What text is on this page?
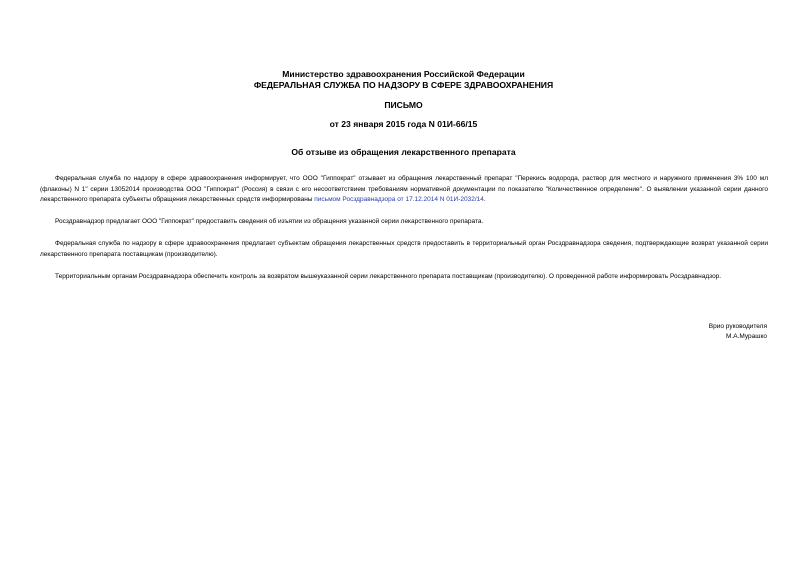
Министерство здравоохранения Российской Федерации
ФЕДЕРАЛЬНАЯ СЛУЖБА ПО НАДЗОРУ В СФЕРЕ ЗДРАВООХРАНЕНИЯ
ПИСЬМО
от 23 января 2015 года N 01И-66/15
Об отзыве из обращения лекарственного препарата

Федеральная служба по надзору в сфере здравоохранения информирует, что ООО "Гиппократ" отзывает из обращения лекарственный препарат "Перекись водорода, раствор для местного и наружного применения 3% 100 мл (флаконы) N 1" серии 13052014 производства ООО "Гиппократ" (Россия) в связи с его несоответствием требованиям нормативной документации по показателю "Количественное определение". О выявлении указанной серии данного лекарственного препарата субъекты обращения лекарственных средств информированы письмом Росздравнадзора от 17.12.2014 N 01И-2032/14.

Росздравнадзор предлагает ООО "Гиппократ" предоставить сведения об изъятии из обращения указанной серии лекарственного препарата.

Федеральная служба по надзору в сфере здравоохранения предлагает субъектам обращения лекарственных средств предоставить в территориальный орган Росздравнадзора сведения, подтверждающие возврат указанной серии лекарственного препарата поставщикам (производителю).

Территориальным органам Росздравнадзора обеспечить контроль за возвратом вышеуказанной серии лекарственного препарата поставщикам (производителю). О проведенной работе информировать Росздравнадзор.

Врио руководителя
М.А.Мурашко
